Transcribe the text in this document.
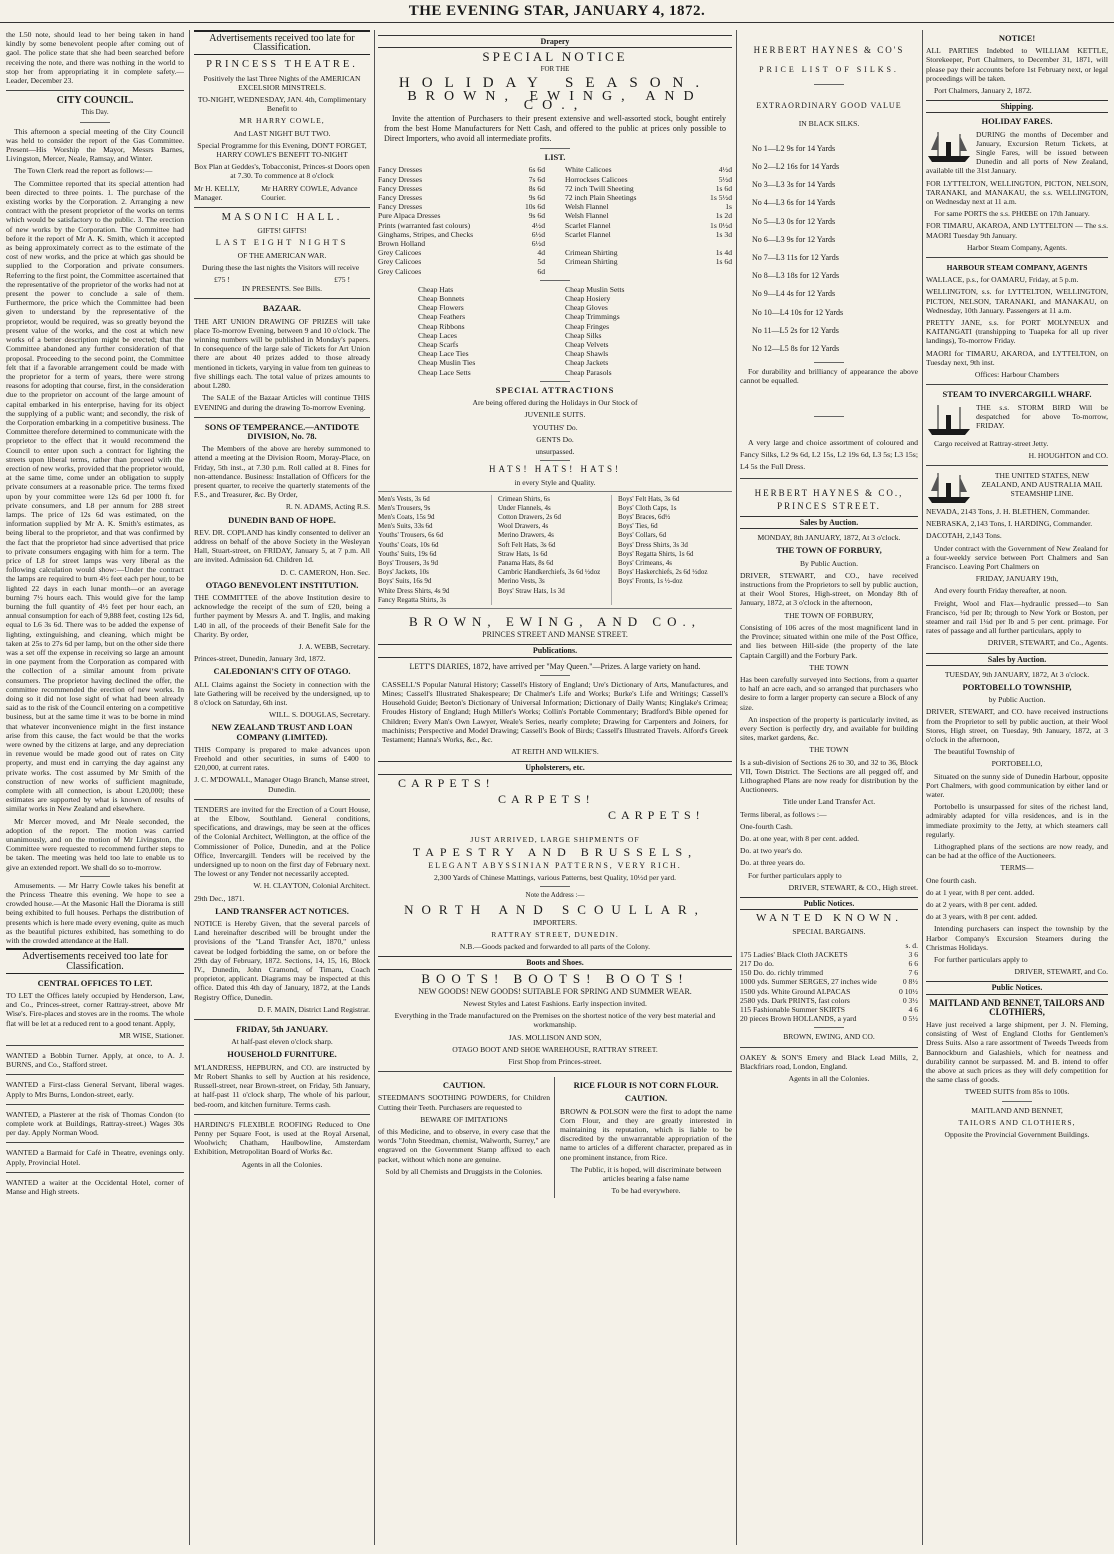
THE EVENING STAR, JANUARY 4, 1872.

the L50 note, should lead to her being taken in hand kindly by some benevolent people after coming out of gaol. The police state that she had been searched before receiving the note, and there was nothing in the world to stop her from appropriating it in complete safety.—Leader, December 23.

CITY COUNCIL.
This Day.

This afternoon a special meeting of the City Council was held to consider the report of the Gas Committee. Present—His Worship the Mayor, Messrs Barnes, Livingston, Mercer, Neale, Ramsay, and Winter.

The Town Clerk read the report as follows:—

The Committee reported that its special attention had been directed to three points. 1. The purchase of the existing works by the Corporation. 2. Arranging a new contract with the present proprietor of the works on terms which would be satisfactory to the public. 3. The erection of new works by the Corporation. The Committee had before it the report of Mr A. K. Smith, which it accepted as being approximately correct as to the estimate of the cost of new works, and the price at which gas should be supplied to the Corporation and private consumers. Referring to the first point, the Committee ascertained that the representative of the proprietor of the works had not at present the power to conclude a sale of them. Furthermore, the price which the Committee had been given to understand by the representative of the proprietor, would be required, was so greatly beyond the present value of the works, and the cost at which new works of a better description might be erected; that the Committee abandoned any further consideration of that proposal. Proceeding to the second point, the Committee felt that if a favorable arrangement could be made with the proprietor for a term of years, there were strong reasons for adopting that course, first, in the consideration due to the proprietor on account of the large amount of capital embarked in his enterprise, having for its object the supplying of a public want; and secondly, the risk of the Corporation embarking in a competitive business. The Committee therefore determined to communicate with the proprietor to the effect that it would recommend the Council to enter upon such a contract for lighting the streets upon liberal terms, rather than proceed with the erection of new works, provided that the proprietor would, at the same time, come under an obligation to supply private consumers at a reasonable price. The terms fixed upon by your committee were 12s 6d per 1000 ft. for private consumers, and L8 per annum for 288 street lamps. The price of 12s 6d was estimated, on the information supplied by Mr A. K. Smith's estimates, as being liberal to the proprietor, and that was confirmed by the fact that the proprietor had since advertised that price to private consumers engaging with him for a term. The price of L8 for street lamps was very liberal as the following calculation would show:—Under the contract the lamps are required to burn 4½ feet each per hour, to be lighted 22 days in each lunar month—or an average burning 7½ hours each. This would give for the lamp burning the full quantity of 4½ feet per hour each, an annual consumption for each of 9,888 feet, costing 12s 6d, equal to L6 3s 6d. There was to be added the expense of lighting, extinguishing, and cleaning, which might be taken at 25s to 27s 6d per lamp, but on the other side there was a set off the expense in receiving so large an amount in one payment from the Corporation as compared with the collection of a similar amount from private consumers. The proprietor having declined the offer, the committee recommended the erection of new works. In doing so it did not lose sight of what had been already said as to the risk of the Council entering on a competitive business, but at the same time it was to be borne in mind that whatever inconvenience might in the first instance arise from this cause, the fact would be that the works were owned by the citizens at large, and any depreciation in revenue would be made good out of rates on City property, and must end in carrying the day against any private works. The cost assumed by Mr Smith of the construction of new works of sufficient magnitude, complete with all connection, is about L20,000; these estimates are supported by what is known of results of similar works in New Zealand and elsewhere.

Mr Mercer moved, and Mr Neale seconded, the adoption of the report. The motion was carried unanimously, and on the motion of Mr Livingston, the Committee were requested to recommend further steps to be taken. The meeting was held too late to enable us to give an extended report. We shall do so to-morrow.

Amusements. — Mr Harry Cowle takes his benefit at the Princess Theatre this evening. We hope to see a crowded house.—At the Masonic Hall the Diorama is still being exhibited to full houses. Perhaps the distribution of presents which is here made every evening, quite as much as the beautiful pictures exhibited, has something to do with the crowded attendance at the Hall.

Advertisements received too late for Classification.
CENTRAL OFFICES TO LET.

TO LET the Offices lately occupied by Henderson, Law, and Co., Princes-street, corner Rattray-street, above Mr Wise's. Fire-places and stoves are in the rooms. The whole flat will be let at a reduced rent to a good tenant. Apply,

MR WISE, Stationer.

WANTED a Bobbin Turner. Apply, at once, to A. J. BURNS, and Co., Stafford street.

WANTED a First-class General Servant, liberal wages. Apply to Mrs Burns, London-street, early.

WANTED, a Plasterer at the risk of Thomas Condon (to complete work at Buildings, Rattray-street.) Wages 30s per day. Apply Norman Wood.

WANTED a Barmaid for Café in Theatre, evenings only. Apply, Provincial Hotel.

WANTED a waiter at the Occidental Hotel, corner of Manse and High streets.

Advertisements received too late for Classification.
PRINCESS THEATRE.

Positively the last Three Nights of the AMERICAN EXCELSIOR MINSTRELS.

TO-NIGHT, WEDNESDAY, JAN. 4th, Complimentary Benefit to

MR HARRY COWLE,

And LAST NIGHT BUT TWO.

Special Programme for this Evening, DON'T FORGET, HARRY COWLE'S BENEFIT TO-NIGHT

Box Plan at Geddes's, Tobacconist, Princes-st Doors open at 7.30. To commence at 8 o'clock

Mr H. KELLY, Manager.
Mr HARRY COWLE, Advance Courier.
MASONIC HALL.

GIFTS! GIFTS!

LAST EIGHT NIGHTS

OF THE AMERICAN WAR.

During these the last nights the Visitors will receive

£75 !	£75 !

IN PRESENTS. See Bills.

BAZAAR.

THE ART UNION DRAWING OF PRIZES will take place To-morrow Evening, between 9 and 10 o'clock. The winning numbers will be published in Monday's papers. In consequence of the large sale of Tickets for Art Union there are about 40 prizes added to those already mentioned in tickets, varying in value from ten guineas to five shillings each. The total value of prizes amounts to about L280.

The SALE of the Bazaar Articles will continue THIS EVENING and during the drawing To-morrow Evening.

SONS OF TEMPERANCE.—ANTIDOTE DIVISION, No. 78.

The Members of the above are hereby summoned to attend a meeting at the Division Room, Moray-Place, on Friday, 5th inst., at 7.30 p.m. Roll called at 8. Fines for non-attendance. Business: Installation of Officers for the present quarter, to receive the quarterly statements of the F.S., and Treasurer, &c. By Order,

R. N. ADAMS, Acting R.S.

DUNEDIN BAND OF HOPE.

REV. DR. COPLAND has kindly consented to deliver an address on behalf of the above Society in the Wesleyan Hall, Stuart-street, on FRIDAY, January 5, at 7 p.m. All are invited. Admission 6d. Children 1d.

D. C. CAMERON, Hon. Sec.

OTAGO BENEVOLENT INSTITUTION.

THE COMMITTEE of the above Institution desire to acknowledge the receipt of the sum of £20, being a further payment by Messrs A. and T. Inglis, and making L40 in all, of the proceeds of their Benefit Sale for the Charity. By order,

J. A. WEBB, Secretary.

Princes-street, Dunedin, January 3rd, 1872.

CALEDONIAN'S CITY OF OTAGO.

ALL Claims against the Society in connection with the late Gathering will be received by the undersigned, up to 8 o'clock on Saturday, 6th inst.

WILL. S. DOUGLAS, Secretary.

NEW ZEALAND TRUST AND LOAN COMPANY (LIMITED).

THIS Company is prepared to make advances upon Freehold and other securities, in sums of £400 to £20,000, at current rates.

J. C. M'DOWALL, Manager Otago Branch, Manse street, Dunedin.

TENDERS are invited for the Erection of a Court House, at the Elbow, Southland. General conditions, specifications, and drawings, may be seen at the offices of the Colonial Architect, Wellington, at the office of the Commissioner of Police, Dunedin, and at the Police Office, Invercargill. Tenders will be received by the undersigned up to noon on the first day of February next. The lowest or any Tender not necessarily accepted.

W. H. CLAYTON, Colonial Architect.

29th Dec., 1871.

LAND TRANSFER ACT NOTICES.

NOTICE is Hereby Given, that the several parcels of Land hereinafter described will be brought under the provisions of the "Land Transfer Act, 1870," unless caveat be lodged forbidding the same, on or before the 29th day of February, 1872. Sections, 14, 15, 16, Block IV., Dunedin, John Cramond, of Timaru, Coach proprietor, applicant. Diagrams may be inspected at this office. Dated this 4th day of January, 1872, at the Lands Registry Office, Dunedin.

D. F. MAIN, District Land Registrar.

FRIDAY, 5th JANUARY.

At half-past eleven o'clock sharp.

HOUSEHOLD FURNITURE.

M'LANDRESS, HEPBURN, and CO. are instructed by Mr Robert Shanks to sell by Auction at his residence, Russell-street, near Brown-street, on Friday, 5th January, at half-past 11 o'clock sharp, The whole of his parlour, bed-room, and kitchen furniture. Terms cash.

HARDING'S FLEXIBLE ROOFING Reduced to One Penny per Square Foot, is used at the Royal Arsenal, Woolwich; Chatham, Haulbowline, Amsterdam Exhibition, Metropolitan Board of Works &c.

Agents in all the Colonies.

Drapery
SPECIAL NOTICE
FOR THE
HOLIDAY SEASON.
BROWN, EWING, AND CO.,

Invite the attention of Purchasers to their present extensive and well-assorted stock, bought entirely from the best Home Manufacturers for Nett Cash, and offered to the public at prices only possible to Direct Importers, who avoid all intermediate profits.

LIST.
Fancy Dresses	6s 6d
Fancy Dresses	7s 6d
Fancy Dresses	8s 6d
Fancy Dresses	9s 6d
Fancy Dresses	10s 6d
Pure Alpaca Dresses	9s 6d
Prints (warranted fast colours)	4½d
Ginghams, Stripes, and Checks	6½d
Brown Holland	6½d
Grey Calicoes	4d
Grey Calicoes	5d
Grey Calicoes	6d
White Calicoes	4½d
Horrockses Calicoes	5½d
72 inch Twill Sheeting	1s 6d
72 inch Plain Sheetings	1s 5½d
Welsh Flannel	1s
Welsh Flannel	1s 2d
Scarlet Flannel	1s 0½d
Scarlet Flannel	1s 3d

Crimean Shirting	1s 4d
Crimean Shirting	1s 6d

Cheap Hats
Cheap Bonnets
Cheap Flowers
Cheap Feathers
Cheap Ribbons
Cheap Laces
Cheap Scarfs
Cheap Lace Ties
Cheap Muslin Ties
Cheap Lace Setts
Cheap Muslin Setts
Cheap Hosiery
Cheap Gloves
Cheap Trimmings
Cheap Fringes
Cheap Silks
Cheap Velvets
Cheap Shawls
Cheap Jackets
Cheap Parasols
SPECIAL ATTRACTIONS

Are being offered during the Holidays in Our Stock of

JUVENILE SUITS.

YOUTHS' Do.

GENTS Do.

unsurpassed.

HATS! HATS! HATS!

in every Style and Quality.

Men's Vests, 3s 6d
Men's Trousers, 9s
Men's Coats, 15s 9d
Men's Suits, 33s 6d
Youths' Trousers, 6s 6d
Youths' Coats, 10s 6d
Youths' Suits, 19s 6d
Boys' Trousers, 3s 9d
Boys' Jackets, 10s
Boys' Suits, 16s 9d
White Dress Shirts, 4s 9d
Fancy Regatta Shirts, 3s
Crimean Shirts, 6s
Under Flannels, 4s
Cotton Drawers, 2s 6d
Wool Drawers, 4s
Merino Drawers, 4s
Soft Felt Hats, 3s 6d
Straw Hats, 1s 6d
Panama Hats, 8s 6d
Cambric Handkerchiefs, 3s 6d ½doz
Merino Vests, 3s
Boys' Straw Hats, 1s 3d
Boys' Felt Hats, 3s 6d
Boys' Cloth Caps, 1s
Boys' Braces, 6d½
Boys' Ties, 6d
Boys' Collars, 6d
Boys' Dress Shirts, 3s 3d
Boys' Regatta Shirts, 1s 6d
Boys' Crimeans, 4s
Boys' Haskerchiefs, 2s 6d ½doz
Boys' Fronts, 1s ½-doz
BROWN, EWING, AND CO.,

PRINCES STREET AND MANSE STREET.

Publications.

LETT'S DIARIES, 1872, have arrived per "May Queen."—Prizes. A large variety on hand.

CASSELL'S Popular Natural History; Cassell's History of England; Ure's Dictionary of Arts, Manufactures, and Mines; Cassell's Illustrated Shakespeare; Dr Chalmer's Life and Works; Burke's Life and Writings; Cassell's Household Guide; Beeton's Dictionary of Universal Information; Dictionary of Daily Wants; Kinglake's Crimea; Froudes History of England; Hugh Miller's Works; Collin's Portable Commentary; Bradford's Bible opened for Children; Every Man's Own Lawyer, Weale's Series, nearly complete; Drawing for Carpenters and Joiners, for machinists; Perspective and Model Drawing; Cassell's Book of Birds; Cassell's Illustrated Travels. Alford's Greek Testament; Hanna's Works, &c., &c.

AT REITH AND WILKIE'S.

Upholsterers, etc.
CARPETS!
CARPETS!
CARPETS!

JUST ARRIVED, LARGE SHIPMENTS OF

TAPESTRY AND BRUSSELS,

ELEGANT ABYSSINIAN PATTERNS, VERY RICH.

2,300 Yards of Chinese Mattings, various Patterns, best Quality, 10½d per yard.

Note the Address :—

NORTH AND SCOULLAR,

IMPORTERS.

RATTRAY STREET, DUNEDIN.

N.B.—Goods packed and forwarded to all parts of the Colony.

Boots and Shoes.
BOOTS! BOOTS! BOOTS!

NEW GOODS! NEW GOODS! SUITABLE FOR SPRING AND SUMMER WEAR.

Newest Styles and Latest Fashions. Early inspection invited.

Everything in the Trade manufactured on the Premises on the shortest notice of the very best material and workmanship.

JAS. MOLLISON AND SON,

OTAGO BOOT AND SHOE WAREHOUSE, RATTRAY STREET.

First Shop from Princes-street.

CAUTION.

STEEDMAN'S SOOTHING POWDERS, for Children Cutting their Teeth. Purchasers are requested to

BEWARE OF IMITATIONS

of this Medicine, and to observe, in every case that the words "John Steedman, chemist, Walworth, Surrey," are engraved on the Government Stamp affixed to each packet, without which none are genuine.

Sold by all Chemists and Druggists in the Colonies.

RICE FLOUR IS NOT CORN FLOUR.
CAUTION.

BROWN & POLSON were the first to adopt the name Corn Flour, and they are greatly interested in maintaining its reputation, which is liable to be discredited by the unwarrantable appropriation of the name to articles of a different character, prepared as in one prominent instance, from Rice.

The Public, it is hoped, will discriminate between articles bearing a false name

To be had everywhere.

HERBERT HAYNES & CO'S
PRICE LIST OF SILKS.
EXTRAORDINARY GOOD VALUE
IN BLACK SILKS.
No 1—L2 9s for 14 Yards
No 2—L2 16s for 14 Yards
No 3—L3 3s for 14 Yards
No 4—L3 6s for 14 Yards
No 5—L3 0s for 12 Yards
No 6—L3 9s for 12 Yards
No 7—L3 11s for 12 Yards
No 8—L3 18s for 12 Yards
No 9—L4 4s for 12 Yards
No 10—L4 10s for 12 Yards
No 11—L5 2s for 12 Yards
No 12—L5 8s for 12 Yards

For durability and brilliancy of appearance the above cannot be equalled.

A very large and choice assortment of coloured and Fancy Silks, L2 9s 6d, L2 15s, L2 19s 6d, L3 5s; L3 15s; L4 5s the Full Dress.

HERBERT HAYNES & CO.,
PRINCES STREET.
Sales by Auction.

MONDAY, 8th JANUARY, 1872, At 3 o'clock.

THE TOWN OF FORBURY,

By Public Auction.

DRIVER, STEWART, and CO., have received instructions from the Proprietors to sell by public auction, at their Wool Stores, High-street, on Monday 8th of January, 1872, at 3 o'clock in the afternoon,

THE TOWN OF FORBURY,

Consisting of 106 acres of the most magnificent land in the Province; situated within one mile of the Post Office, and lies between Hill-side (the property of the late Captain Cargill) and the Forbury Park.

THE TOWN

Has been carefully surveyed into Sections, from a quarter to half an acre each, and so arranged that purchasers who desire to form a larger property can secure a Block of any size.

An inspection of the property is particularly invited, as every Section is perfectly dry, and available for building sites, market gardens, &c.

THE TOWN

Is a sub-division of Sections 26 to 30, and 32 to 36, Block VII, Town District. The Sections are all pegged off, and Lithographed Plans are now ready for distribution by the Auctioneers.

Title under Land Transfer Act.

Terms liberal, as follows :—

One-fourth Cash.

Do. at one year, with 8 per cent. added.

Do. at two year's do.

Do. at three years do.

For further particulars apply to

DRIVER, STEWART, & CO., High street.

Public Notices.
WANTED KNOWN.
SPECIAL BARGAINS.
s. d.
175 Ladies' Black Cloth JACKETS	3 6
217 Do do.	6 6
150 Do. do. richly trimmed	7 6
1000 yds. Summer SERGES, 27 inches wide	0 8½
1500 yds. White Ground ALPACAS	0 10½
2580 yds. Dark PRINTS, fast colors	0 3½
115 Fashionable Summer SKIRTS	4 6
20 pieces Brown HOLLANDS, a yard	0 5½

BROWN, EWING, AND CO.

OAKEY & SON'S Emery and Black Lead Mills, 2, Blackfriars road, London, England.

Agents in all the Colonies.

NOTICE!

ALL PARTIES Indebted to WILLIAM KETTLE, Storekeeper, Port Chalmers, to December 31, 1871, will please pay their accounts before 1st February next, or legal proceedings will be taken.

Port Chalmers, January 2, 1872.

Shipping.
HOLIDAY FARES.

DURING the months of December and January, Excursion Return Tickets, at Single Fares, will be issued between Dunedin and all ports of New Zealand, available till the 31st January.

FOR LYTTELTON, WELLINGTON, PICTON, NELSON, TARANAKI, and MANAKAU, the s.s. WELLINGTON, on Wednesday next at 11 a.m.

For same PORTS the s.s. PHŒBE on 17th January.

FOR TIMARU, AKAROA, AND LYTTELTON — The s.s. MAORI Tuesday 9th January.

Harbor Steam Company, Agents.

HARBOUR STEAM COMPANY, AGENTS

WALLACE, p.s., for OAMARU, Friday, at 5 p.m.

WELLINGTON, s.s. for LYTTELTON, WELLINGTON, PICTON, NELSON, TARANAKI, and MANAKAU, on Wednesday, 10th January. Passengers at 11 a.m.

PRETTY JANE, s.s. for PORT MOLYNEUX and KAITANGATI (transhipping to Tuapeka for all up river landings), To-morrow Friday.

MAORI for TIMARU, AKAROA, and LYTTELTON, on Tuesday next, 9th inst.

Offices: Harbour Chambers

STEAM TO INVERCARGILL WHARF.

THE s.s. STORM BIRD Will be despatched for above To-morrow, FRIDAY.

Cargo received at Rattray-street Jetty.

H. HOUGHTON and CO.

THE UNITED STATES, NEW ZEALAND, AND AUSTRALIA MAIL STEAMSHIP LINE.

NEVADA, 2143 Tons, J. H. BLETHEN, Commander.

NEBRASKA, 2,143 Tons, I. HARDING, Commander.

DACOTAH, 2,143 Tons.

Under contract with the Government of New Zealand for a four-weekly service between Port Chalmers and San Francisco. Leaving Port Chalmers on

FRIDAY, JANUARY 19th,

And every fourth Friday thereafter, at noon.

Freight, Wool and Flax—hydraulic pressed—to San Francisco, ½d per lb; through to New York or Boston, per steamer and rail 1¼d per lb and 5 per cent. primage. For rates of passage and all further particulars, apply to

DRIVER, STEWART, and Co., Agents.

Sales by Auction.

TUESDAY, 9th JANUARY, 1872, At 3 o'clock.

PORTOBELLO TOWNSHIP,

by Public Auction.

DRIVER, STEWART, and CO. have received instructions from the Proprietor to sell by public auction, at their Wool Stores, High street, on Tuesday, 9th January, 1872, at 3 o'clock in the afternoon,

The beautiful Township of

PORTOBELLO,

Situated on the sunny side of Dunedin Harbour, opposite Port Chalmers, with good communication by either land or water.

Portobello is unsurpassed for sites of the richest land, admirably adapted for villa residences, and is in the immediate proximity to the Jetty, at which steamers call regularly.

Lithographed plans of the sections are now ready, and can be had at the office of the Auctioneers.

TERMS—

One fourth cash.

do at 1 year, with 8 per cent. added.

do at 2 years, with 8 per cent. added.

do at 3 years, with 8 per cent. added.

Intending purchasers can inspect the township by the Harbor Company's Excursion Steamers during the Christmas Holidays.

For further particulars apply to

DRIVER, STEWART, and Co.

Public Notices.
MAITLAND AND BENNET, TAILORS AND CLOTHIERS,

Have just received a large shipment, per J. N. Fleming, consisting of West of England Cloths for Gentlemen's Dress Suits. Also a rare assortment of Tweeds Tweeds from Bannockburn and Galashiels, which for neatness and durability cannot be surpassed. M. and B. intend to offer the above at such prices as they will defy competition for the same class of goods.

TWEED SUITS from 85s to 100s.

MAITLAND AND BENNET,

TAILORS AND CLOTHIERS,

Opposite the Provincial Government Buildings.
